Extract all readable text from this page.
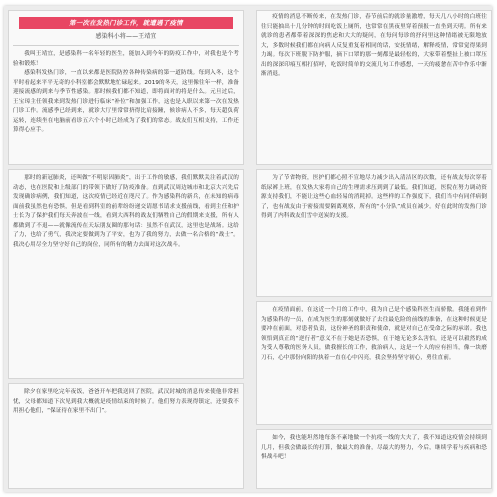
第一次在发热门诊工作，就遭遇了疫情
感染科小将——王靖宜

我叫王靖宜，是感染科一名年轻的医生，能加入到今年的防疫工作中，对我也是个考验和锻炼！

感染科发热门诊，一直以来都是医院防控各种传染病的第一道防线。每到入冬，这个平时看起来平平无奇的小科室都会默默地忙碌起来。2019的冬天，这里像往年一样，准备迎接流感的到来与季节性感染。那时候我们都不知道，即将面对的将是什么。元旦过后，王宝璋主任领我来到发热门诊进行临床“补位”和加强工作，这也是入职以来第一次在发热门诊工作。流感季已经到来，就诊大厅里常常挤得比肩接踵，候诊病人不多，每天超负荷运转，连续坐在电脑前看诊五六个小时已经成为了我们的常态。战友们互相支持，工作还算得心应手。

那时的新冠肺炎，还叫做“不明原因肺炎”，出于工作的敏感，我们默默关注着武汉的动态，也在医院和上级部门的带领下做好了防疫准备。直到武汉周边城市和北京大兴先后发现确诊病例，我们知道，这次疫情已经近在咫尺了。作为感染科的新兵，在未知的病毒面前我虽然也有恐惧，但是看到科室的前辈纷纷递交请愿书请求支援前线，看到主任和护士长为了保护我们每天奔波在一线，看到大西科的战友们牺牲自己的假期来支援，所有人都做到了不退——就像流传在天坛朋友圈的那句话：虽然不在武汉，这里也是战场。这给了力，也给了勇气，我决定要做到为了平安，也为了我的努力，去做一名合格的“战士”。我决心用尽全力坚守好自己的岗位，同所有的精力去面对这次战斗。

除夕在家里吃完年夜饭，爸爸开车把我送回了医院，武汉封城的消息传来使他非常担忧，父母都知道下次见到我大概就是疫情结束的时候了。他们努力表现得镇定，还要我不用担心他们，“保证待在家里不出门”。

疫情的消息不断传来，在发热门诊，春节前后的就诊量激增，每天几八小时的白班往往只能抽出十几分钟的时间吃饭上厕所，也常常在黑夜里穿着预报一直坐到天明。所有来就诊的患者都带着深深的焦虑和大大的疑问，在每问每诊的抒问里这种情绪被无限地放大，多数时候我们都在向病人反复重复着相同的话，安抚情绪，解释疫情，常常觉得果到力竭。每次下班脱下防护服，摘下口罩的那一刻都是最轻松的，大家带着整扯上被口罩压出的深深印痕互相打招呼，吃饭时简单的交流几句工作感想，一天的疲惫在苦中作乐中渐渐消退。

为了节省物资，医护们都心照不宣地尽力减少出入清洁区的次数，还有战友每次穿着纸尿裤上班，在发热大家将自己的生理需求压到到了最低。我们知道，医院在努力调动资源支持我们，不能让这些心血轻易的消耗掉。这些样的工作强度下，我们当中有同伴病倒了，也有战友由于密接需要隔离观察，所有的“小分队”成员在减少。好在此时的发热门诊得到了内科战友们雪中送炭的支援。

在疫情面前，在这近一个月的工作中，我为自己是个感染科医生而骄傲。我能看到作为感染科的一员，在成为医生的那刻就做好了去往最危险的前线的准备，在这种时候更是要冲在前面，对患者负责，这份神圣的职责和使命，就是对自己在受命之际的承诺。我也领悟到真正的“逆行者”意义不在于她是否恐惧，在于她无论多么害怕，还是可以毅然的成为受人尊敬的医务人员，做我擅长的工作，救治病人，这是一个人的应有担当，像一块磨刀石，心中那份向阳的执着一直在心中闪亮，我会坚持坚守初心，勇往直前。

如今，我也能坦然地每条不紊地做一个抗疫一线的大夫了，我不知道这疫情会持续到几月，但我会做最长的打算，做最大的准备，尽最大的努力，今后，继续学着与疾病和恐惧战斗吧！
